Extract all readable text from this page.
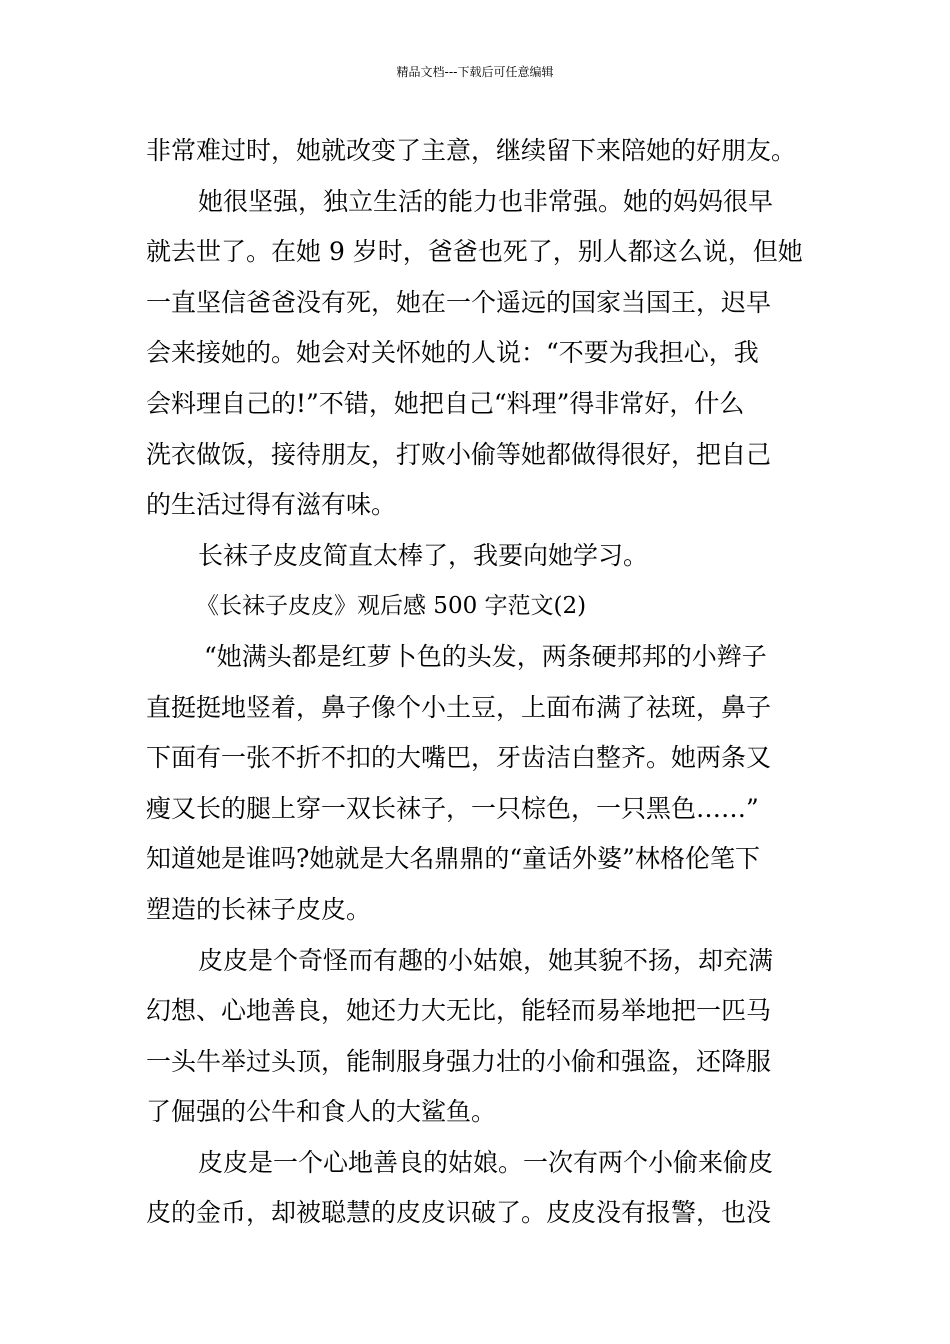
精品文档---下载后可任意编辑
非常难过时，她就改变了主意，继续留下来陪她的好朋友。
她很坚强，独立生活的能力也非常强。她的妈妈很早
就去世了。在她 9 岁时，爸爸也死了，别人都这么说，但她
一直坚信爸爸没有死，她在一个遥远的国家当国王，迟早
会来接她的。她会对关怀她的人说：“不要为我担心，我
会料理自己的!”不错，她把自己“料理”得非常好，什么
洗衣做饭，接待朋友，打败小偷等她都做得很好，把自己
的生活过得有滋有味。
长袜子皮皮简直太棒了，我要向她学习。
《长袜子皮皮》观后感 500 字范文(2)
“她满头都是红萝卜色的头发，两条硬邦邦的小辫子
直挺挺地竖着，鼻子像个小土豆，上面布满了祛斑，鼻子
下面有一张不折不扣的大嘴巴，牙齿洁白整齐。她两条又
瘦又长的腿上穿一双长袜子，一只棕色，一只黑色……”
知道她是谁吗?她就是大名鼎鼎的“童话外婆”林格伦笔下
塑造的长袜子皮皮。
皮皮是个奇怪而有趣的小姑娘，她其貌不扬，却充满
幻想、心地善良，她还力大无比，能轻而易举地把一匹马
一头牛举过头顶，能制服身强力壮的小偷和强盗，还降服
了倔强的公牛和食人的大鲨鱼。
皮皮是一个心地善良的姑娘。一次有两个小偷来偷皮
皮的金币，却被聪慧的皮皮识破了。皮皮没有报警，也没
